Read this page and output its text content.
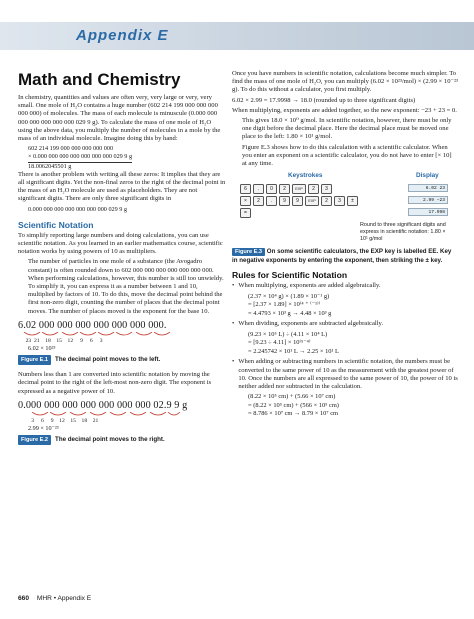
Appendix E
Math and Chemistry

In chemistry, quantities and values are often very, very large or very, very small. One mole of H₂O contains a huge number (602 214 199 000 000 000 000 000) of molecules. The mass of each molecule is minuscule (0.000 000 000 000 000 000 000 029 9 g). To calculate the mass of one mole of H₂O using the above data, you multiply the number of molecules in a mole by the mass of an individual molecule. Imagine doing this by hand:

602 214 199 000 000 000 000 000
× 0.000 000 000 000 000 000 000 029 9 g
18.0062045501 g

There is another problem with writing all these zeros: It implies that they are all significant digits. Yet the non-final zeros to the right of the decimal point in the mass of an H₂O molecule are used as placeholders. They are not significant digits. There are only three significant digits in

0.000 000 000 000 000 000 000 029 9 g
Scientific Notation

To simplify reporting large numbers and doing calculations, you can use scientific notation. As you learned in an earlier mathematics course, scientific notation works by using powers of 10 as multipliers.

The number of particles in one mole of a substance (the Avogadro constant) is often rounded down to 602 000 000 000 000 000 000 000. When performing calculations, however, this number is still too unwieldy. To simplify it, you can express it as a number between 1 and 10, multiplied by factors of 10. To do this, move the decimal point behind the first non-zero digit, counting the number of places that the decimal point moves. The number of places moved is the exponent for the base 10.

6.02 000 000 000 000 000 000 000.
23  21    18    15    12     9     6     3
6.02 × 10²³
Figure E.1	The decimal point moves to the left.

Numbers less than 1 are converted into scientific notation by moving the decimal point to the right of the left-most non-zero digit. The exponent is expressed as a negative power of 10.

0.000 000 000 000 000 000 000 02.9 9 g
3     6     9    12    15    18    21
2.99 × 10⁻²³
Figure E.2	The decimal point moves to the right.

Once you have numbers in scientific notation, calculations become much simpler. To find the mass of one mole of H₂O, you can multiply (6.02 × 10²³/mol) × (2.99 × 10⁻²³ g). To do this without a calculator, you first multiply.

6.02 × 2.99 = 17.9998 → 18.0 (rounded up to three significant digits)

When multiplying, exponents are added together, so the new exponent: −23 + 23 = 0.

This gives 18.0 × 10⁰ g/mol. In scientific notation, however, there must be only one digit before the decimal place. Here the decimal place must be moved one place to the left: 1.80 × 10¹ g/mol.

Figure E.3 shows how to do this calculation with a scientific calculator. When you enter an exponent on a scientific calculator, you do not have to enter [× 10] at any time.

Keystrokes	Display
6	.	0	2	EXP	2	3	6.02 23
×	2	.	9	9	EXP	2	3	±	2.99 −23
=	17.998
Round to three significant digits and express in scientific notation: 1.80 × 10¹ g/mol
Figure E.3 On some scientific calculators, the EXP key is labelled EE. Key in negative exponents by entering the exponent, then striking the ± key.
Rules for Scientific Notation
• When multiplying, exponents are added algebraically.
(2.37 × 10⁴ g) × (1.89 × 10⁻¹ g)
= [2.37 × 1.89] × 10⁽⁴ ⁺ ⁽⁻¹⁾⁾
= 4.4793 × 10³ g → 4.48 × 10³ g
• When dividing, exponents are subtracted algebraically.
(9.23 × 10⁵ L) ÷ (4.11 × 10⁴ L)
= [9.23 ÷ 4.11] × 10⁽⁵⁻⁴⁾
= 2.245742 × 10¹ L → 2.25 × 10¹ L
• When adding or subtracting numbers in scientific notation, the numbers must be converted to the same power of 10 as the measurement with the greatest power of 10. Once the numbers are all expressed to the same power of 10, the power of 10 is neither added nor subtracted in the calculation.
(8.22 × 10⁵ cm) + (5.66 × 10⁷ cm)
= (8.22 × 10⁵ cm) + (566 × 10⁵ cm)
= 8.786 × 10⁷ cm → 8.79 × 10⁷ cm
660 MHR • Appendix E
